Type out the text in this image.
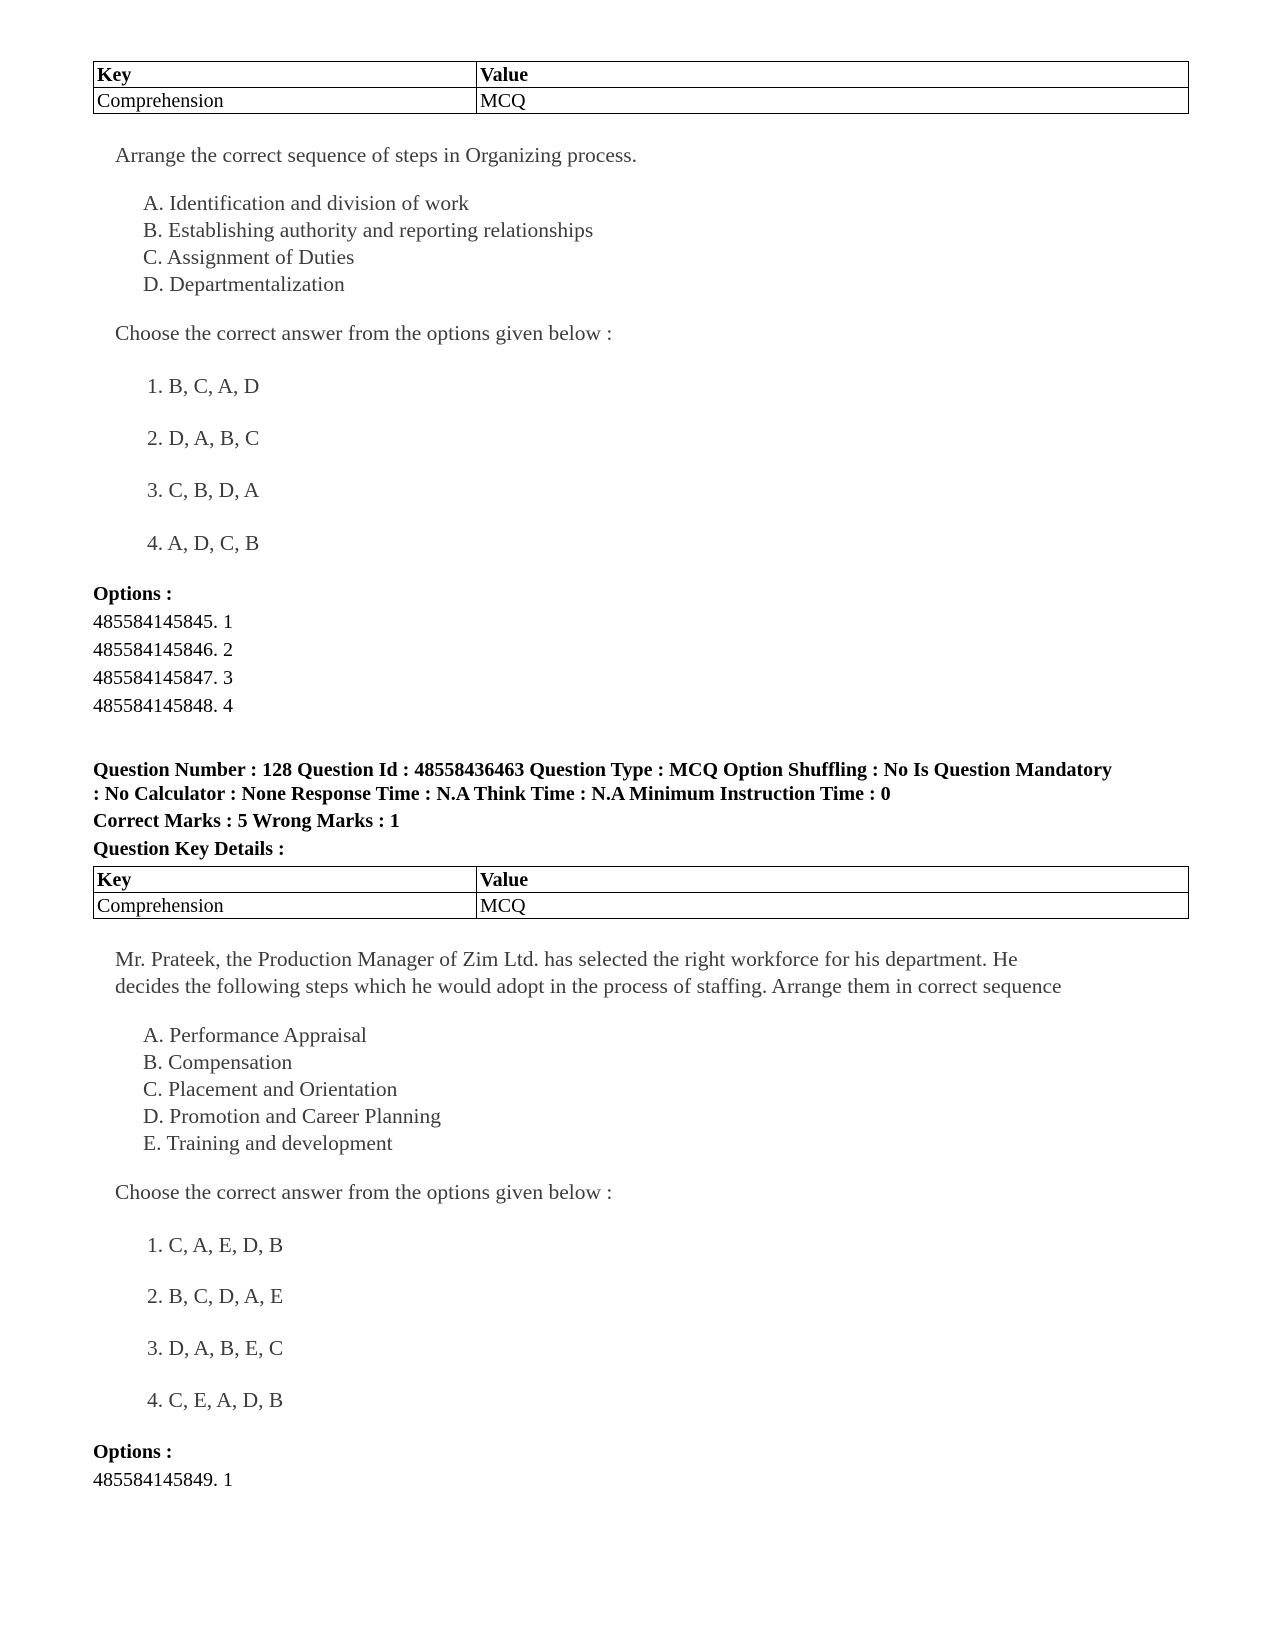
Key	Value
Comprehension	MCQ
Arrange the correct sequence of steps in Organizing process.
A. Identification and division of work
B. Establishing authority and reporting relationships
C. Assignment of Duties
D. Departmentalization
Choose the correct answer from the options given below :
1. B, C, A, D
2. D, A, B, C
3. C, B, D, A
4. A, D, C, B
Options :
485584145845. 1
485584145846. 2
485584145847. 3
485584145848. 4
Question Number : 128 Question Id : 48558436463 Question Type : MCQ Option Shuffling : No Is Question Mandatory
: No Calculator : None Response Time : N.A Think Time : N.A Minimum Instruction Time : 0
Correct Marks : 5 Wrong Marks : 1
Question Key Details :
Key	Value
Comprehension	MCQ
Mr. Prateek, the Production Manager of Zim Ltd. has selected the right workforce for his department. He
decides the following steps which he would adopt in the process of staffing. Arrange them in correct sequence
A. Performance Appraisal
B. Compensation
C. Placement and Orientation
D. Promotion and Career Planning
E. Training and development
Choose the correct answer from the options given below :
1. C, A, E, D, B
2. B, C, D, A, E
3. D, A, B, E, C
4. C, E, A, D, B
Options :
485584145849. 1
